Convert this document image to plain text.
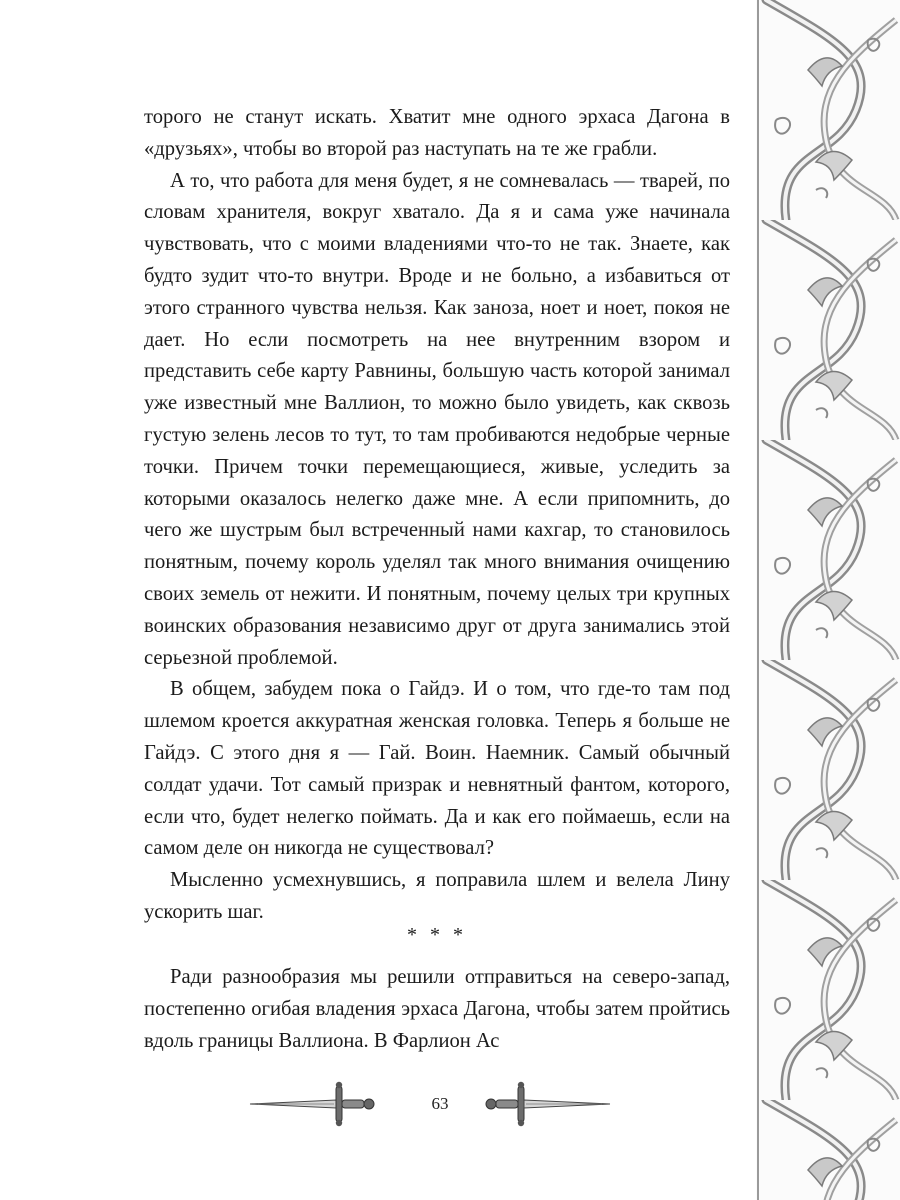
торого не станут искать. Хватит мне одного эрхаса Дагона в «друзьях», чтобы во второй раз наступать на те же грабли.

А то, что работа для меня будет, я не сомневалась — тварей, по словам хранителя, вокруг хватало. Да я и сама уже начинала чувствовать, что с моими владениями что-то не так. Знаете, как будто зудит что-то внутри. Вроде и не больно, а избавиться от этого странного чувства нельзя. Как заноза, ноет и ноет, покоя не дает. Но если посмотреть на нее внутренним взором и представить себе карту Равнины, большую часть которой занимал уже известный мне Валлион, то можно было увидеть, как сквозь густую зелень лесов то тут, то там пробиваются недобрые черные точки. Причем точки перемещающиеся, живые, уследить за которыми оказалось нелегко даже мне. А если припомнить, до чего же шустрым был встреченный нами кахгар, то становилось понятным, почему король уделял так много внимания очищению своих земель от нежити. И понятным, почему целых три крупных воинских образования независимо друг от друга занимались этой серьезной проблемой.

В общем, забудем пока о Гайдэ. И о том, что где-то там под шлемом кроется аккуратная женская головка. Теперь я больше не Гайдэ. С этого дня я — Гай. Воин. Наемник. Самый обычный солдат удачи. Тот самый призрак и невнятный фантом, которого, если что, будет нелегко поймать. Да и как его поймаешь, если на самом деле он никогда не существовал?

Мысленно усмехнувшись, я поправила шлем и велела Лину ускорить шаг.

* * *

Ради разнообразия мы решили отправиться на северо-запад, постепенно огибая владения эрхаса Дагона, чтобы затем пройтись вдоль границы Валлиона. В Фарлион Ас

63
